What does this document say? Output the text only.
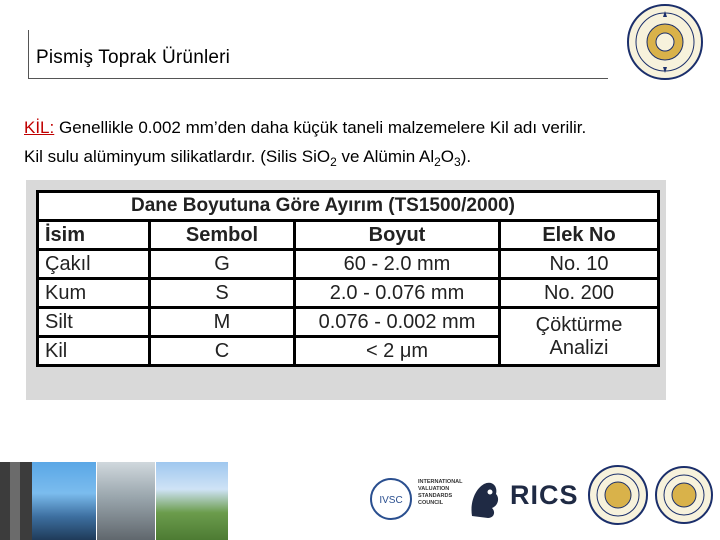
Pismiş Toprak Ürünleri
KİL: Genellikle 0.002 mm’den daha küçük taneli malzemelere Kil adı verilir.
Kil sulu alüminyum silikatlardır. (Silis SiO$_2$ ve Alümin $Al_2O_3$).
Dane Boyutuna Göre Ayırım (TS1500/2000)			
İsim	Sembol	Boyut	Elek No
Çakıl	G	60 - 2.0 mm	No. 10
Kum	S	2.0 - 0.076 mm	No. 200
Silt	M	0.076 - 0.002 mm	Çöktürme Analizi
Kil	C	< 2 μm	
IVSC
INTERNATIONAL
VALUATION
STANDARDS
COUNCIL	RICS
